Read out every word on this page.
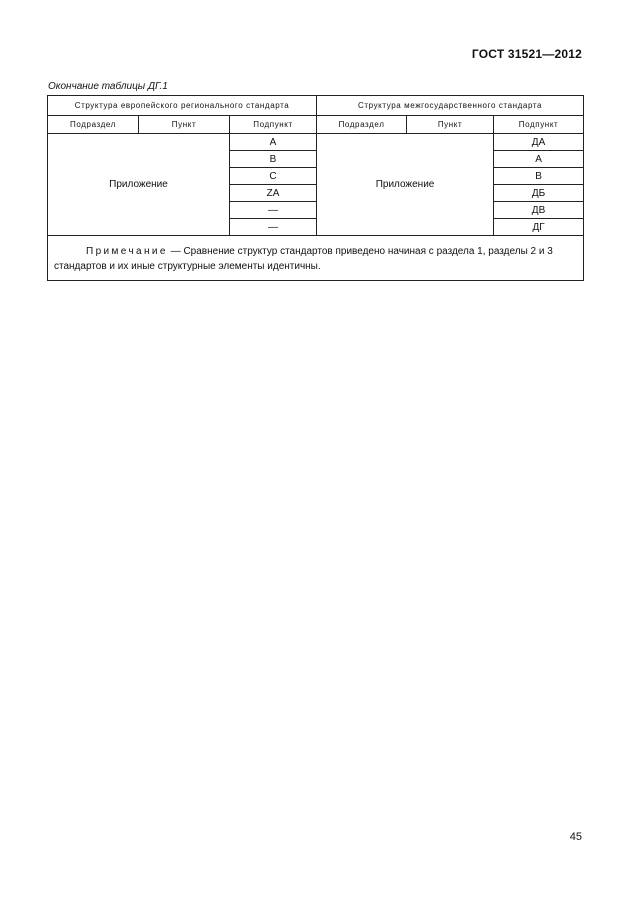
ГОСТ 31521—2012
Окончание таблицы ДГ.1
Структура европейского регионального стандарта			Структура межгосударственного стандарта		
Подраздел	Пункт	Подпункт	Подраздел	Пункт	Подпункт
Приложение		A	Приложение		ДА
		B			А
		C			В
		ZA			ДБ
		—			ДВ
		—			ДГ
Примечание — Сравнение структур стандартов приведено начиная с раздела 1, разделы 2 и 3 стандартов и их иные структурные элементы идентичны.					
45
